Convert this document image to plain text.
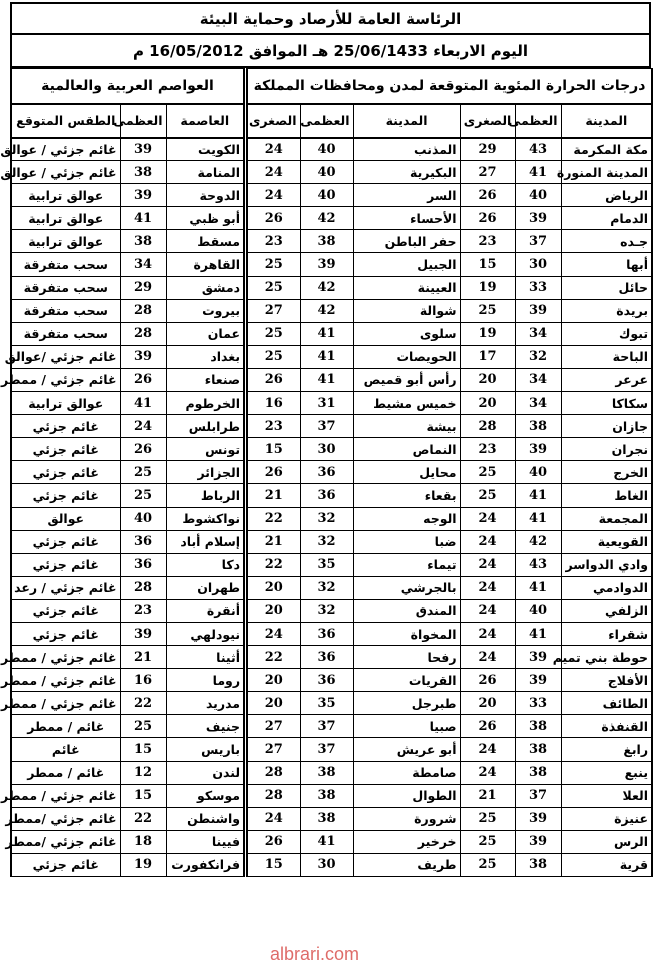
الرئاسة العامة للأرصاد وحماية البيئة
اليوم الاربعاء 25/06/1433 هـ الموافق 16/05/2012 م
درجات الحرارة المئوية المتوقعة لمدن ومحافظات المملكة							العواصم العربية والعالمية		
المدينة	العظمى	الصغرى	المدينة	العظمى	الصغرى		العاصمة	العظمى	الطقس المتوقع
مكة المكرمة	43	29	المذنب	40	24		الكويت	39	غائم جزئي / عوالق
المدينة المنورة	41	27	البكيرية	40	24		المنامة	38	غائم جزئي / عوالق
الرياض	40	26	السر	40	24		الدوحة	39	عوالق ترابية
الدمام	39	26	الأحساء	42	26		أبو ظبي	41	عوالق ترابية
جـده	37	23	حفر الباطن	38	23		مسقط	38	عوالق ترابية
أبها	30	15	الجبيل	39	25		القاهرة	34	سحب متفرقة
حائل	33	19	العيينة	42	25		دمشق	29	سحب متفرقة
بريدة	39	25	شوالة	42	27		بيروت	28	سحب متفرقة
تبوك	34	19	سلوى	41	25		عمان	28	سحب متفرقة
الباحة	32	17	الحويصات	41	25		بغداد	39	غائم جزئي /عوالق
عرعر	34	20	رأس أبو قميص	41	26		صنعاء	26	غائم جزئي / ممطر
سكاكا	34	20	خميس مشيط	31	16		الخرطوم	41	عوالق ترابية
جازان	38	28	بيشة	37	23		طرابلس	24	غائم جزئي
نجران	39	23	النماص	30	15		تونس	26	غائم جزئي
الخرج	40	25	محايل	36	26		الجزائر	25	غائم جزئي
الغاط	41	25	بقعاء	36	21		الرباط	25	غائم جزئي
المجمعة	41	24	الوجه	32	22		نواكشوط	40	عوالق
القويعية	42	24	ضبا	32	21		إسلام أباد	36	غائم جزئي
وادي الدواسر	43	24	تيماء	35	22		دكا	36	غائم جزئي
الدوادمي	41	24	بالجرشي	32	20		طهران	28	غائم جزئي / رعد
الزلفي	40	24	المندق	32	20		أنقرة	23	غائم جزئي
شقراء	41	24	المخواة	36	24		نيودلهي	39	غائم جزئي
حوطة بني تميم	39	24	رفحا	36	22		أثينا	21	غائم جزئي / ممطر
الأفلاج	39	26	القريات	36	20		روما	16	غائم جزئي / ممطر
الطائف	33	20	طبرجل	35	20		مدريد	22	غائم جزئي / ممطر
القنفذة	38	26	صبيا	37	27		جنيف	25	غائم / ممطر
رابغ	38	24	أبو عريش	37	27		باريس	15	غائم
ينبع	38	24	صامطة	38	28		لندن	12	غائم / ممطر
العلا	37	21	الطوال	38	28		موسكو	15	غائم جزئي / ممطر
عنيزة	39	25	شرورة	38	24		واشنطن	22	غائم جزئي /ممطر
الرس	39	25	خرخير	41	26		فيينا	18	غائم جزئي /ممطر
قرية	38	25	طريف	30	15		فرانكفورت	19	غائم جزئي
albrari.com
